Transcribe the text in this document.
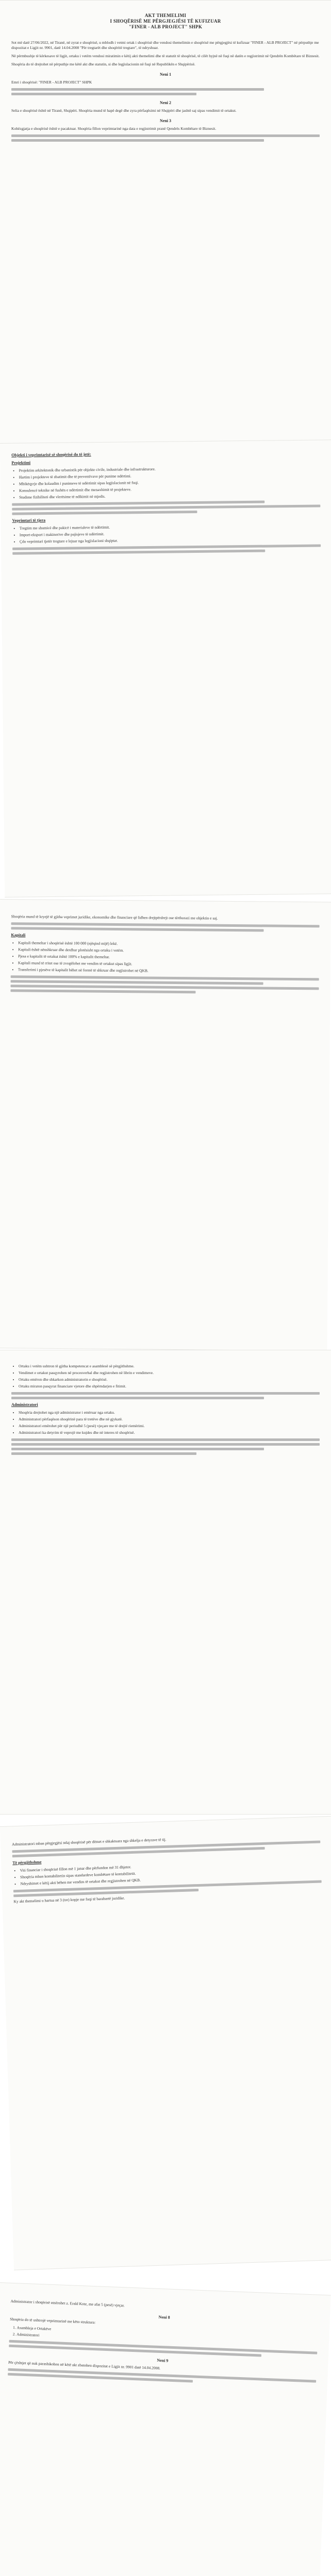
AKT THEMELIMI
I SHOQËRISË ME PËRGJEGJËSI TË KUFIZUAR
"FINER - ALB PROJECT" SHPK

Sot më datë 27/06/2022, në Tiranë, në zyrat e shoqërisë, u mblodh i vetmi ortak i shoqërisë dhe vendosi themelimin e shoqërisë me përgjegjësi të kufizuar "FINER - ALB PROJECT" në përputhje me dispozitat e Ligjit nr. 9901, datë 14.04.2008 "Për tregtarët dhe shoqëritë tregtare", të ndryshuar.

Në përmbushje të kërkesave të ligjit, ortaku i vetëm vendosi miratimin e këtij akti themelimi dhe të statutit të shoqërisë, të cilët hyjnë në fuqi në datën e regjistrimit në Qendrën Kombëtare të Biznesit.

Shoqëria do të drejtohet në përputhje me këtë akt dhe statutin, si dhe legjislacionin në fuqi në Republikën e Shqipërisë.

Neni 1

Emri i shoqërisë: "FINER - ALB PROJECT" SHPK

Neni 2

Selia e shoqërisë është në Tiranë, Shqipëri. Shoqëria mund të hapë degë dhe zyra përfaqësimi në Shqipëri dhe jashtë saj sipas vendimit të ortakut.

Neni 3

Kohëzgjatja e shoqërisë është e pacaktuar. Shoqëria fillon veprimtarinë nga data e regjistrimit pranë Qendrës Kombëtare të Biznesit.

Objekti i veprimtarisë së shoqërisë do të jetë:
Projektimi
• Projektim arkitektonik dhe urbanistik për objekte civile, industriale dhe infrastrukturore.
• Hartim i projekteve të zbatimit dhe të preventivave për punime ndërtimi.
• Mbikëqyrje dhe kolaudim i punimeve të ndërtimit sipas legjislacionit në fuqi.
• Konsulencë teknike në fushën e ndërtimit dhe menaxhimit të projekteve.
• Studime fizibiliteti dhe vlerësime të ndikimit në mjedis.
Veprimtari të tjera
• Tregtim me shumicë dhe pakicë i materialeve të ndërtimit.
• Import-eksport i makinerive dhe pajisjeve të ndërtimit.
• Çdo veprimtari tjetër tregtare e lejuar nga legjislacioni shqiptar.

Shoqëria mund të kryejë të gjitha veprimet juridike, ekonomike dhe financiare që lidhen drejtpërdrejt ose tërthorazi me objektin e saj.

Kapitali
• Kapitali themeltar i shoqërisë është 100 000 (njëqind mijë) lekë.
• Kapitali është nënshkruar dhe derdhur plotësisht nga ortaku i vetëm.
• Pjesa e kapitalit të ortakut është 100% e kapitalit themeltar.
• Kapitali mund të rritet ose të zvogëlohet me vendim të ortakut sipas ligjit.
• Transferimi i pjesëve të kapitalit bëhet në formë të shkruar dhe regjistrohet në QKB.
• Ortaku i vetëm ushtron të gjitha kompetencat e asamblesë së përgjithshme.
• Vendimet e ortakut pasqyrohen në procesverbal dhe regjistrohen në librin e vendimeve.
• Ortaku emëron dhe shkarkon administratorin e shoqërisë.
• Ortaku miraton pasqyrat financiare vjetore dhe shpërndarjen e fitimit.
Administratori
• Shoqëria drejtohet nga një administrator i emëruar nga ortaku.
• Administratori përfaqëson shoqërinë para të tretëve dhe në gjykatë.
• Administratori emërohet për një periudhë 5 (pesë) vjeçare me të drejtë riemërimi.
• Administratori ka detyrim të veprojë me kujdes dhe në interes të shoqërisë.

Administratori mban përgjegjësi ndaj shoqërisë për dëmet e shkaktuara nga shkelja e detyrave të tij.

Të përgjithshme
• Viti financiar i shoqërisë fillon më 1 janar dhe përfundon më 31 dhjetor.
• Shoqëria mban kontabilitetin sipas standardeve kombëtare të kontabilitetit.
• Ndryshimet e këtij akti bëhen me vendim të ortakut dhe regjistrohen në QKB.

Ky akt themelimi u hartua në 3 (tre) kopje me fuqi të barabartë juridike.

Administrator i shoqërisë emërohet z. Erald Kote, me afat 5 (pesë) vjeçar.

Neni 8

Shoqëria do të ushtrojë veprimtarinë me këto struktura:

1. Asambleja e Ortakëve
2. Administratori
Neni 9

Për çështjet që nuk parashikohen në këtë akt zbatohen dispozitat e Ligjit nr. 9901 datë 14.04.2008.
